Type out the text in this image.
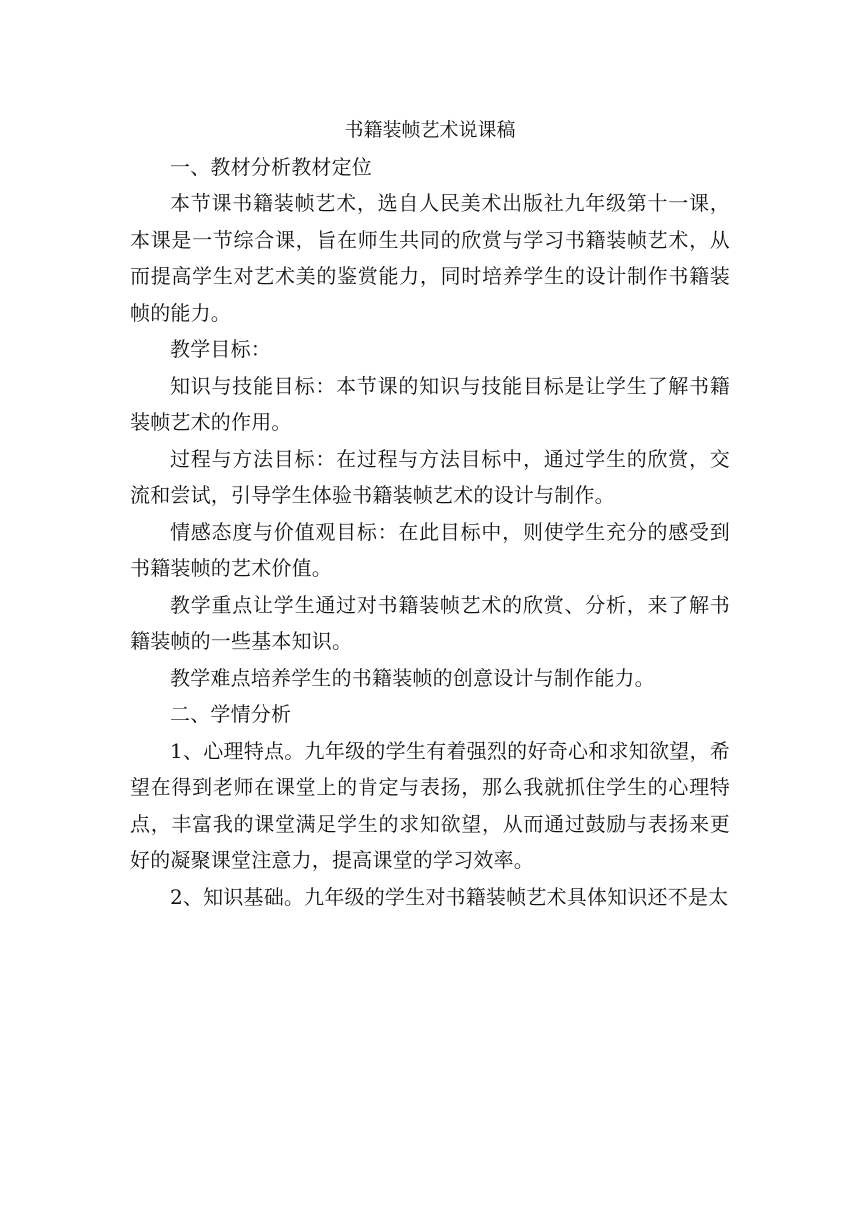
书籍装帧艺术说课稿

一、教材分析教材定位

本节课书籍装帧艺术，选自人民美术出版社九年级第十一课，本课是一节综合课，旨在师生共同的欣赏与学习书籍装帧艺术，从而提高学生对艺术美的鉴赏能力，同时培养学生的设计制作书籍装帧的能力。

教学目标：

知识与技能目标：本节课的知识与技能目标是让学生了解书籍装帧艺术的作用。

过程与方法目标：在过程与方法目标中，通过学生的欣赏，交流和尝试，引导学生体验书籍装帧艺术的设计与制作。

情感态度与价值观目标：在此目标中，则使学生充分的感受到书籍装帧的艺术价值。

教学重点让学生通过对书籍装帧艺术的欣赏、分析，来了解书籍装帧的一些基本知识。

教学难点培养学生的书籍装帧的创意设计与制作能力。

二、学情分析

1、心理特点。九年级的学生有着强烈的好奇心和求知欲望，希望在得到老师在课堂上的肯定与表扬，那么我就抓住学生的心理特点，丰富我的课堂满足学生的求知欲望，从而通过鼓励与表扬来更好的凝聚课堂注意力，提高课堂的学习效率。

2、知识基础。九年级的学生对书籍装帧艺术具体知识还不是太
